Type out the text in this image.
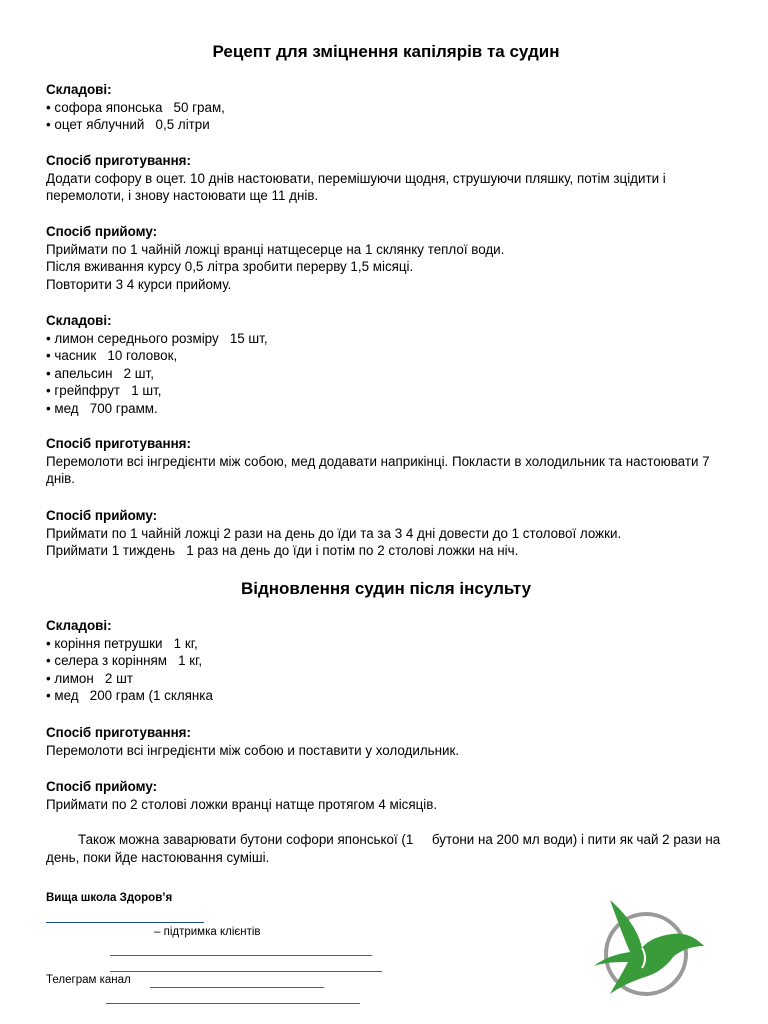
Рецепт для зміцнення капілярів та судин
Складові:
• софора японська   50 грам,
• оцет яблучний   0,5 літри
Спосіб приготування:
Додати софору в оцет. 10 днів настоювати, перемішуючи щодня, струшуючи пляшку, потім зцідити і перемолоти, і знову настоювати ще 11 днів.
Спосіб прийому:
Приймати по 1 чайній ложці вранці натщесерце на 1 склянку теплої води.
Після вживання курсу 0,5 літра зробити перерву 1,5 місяці.
Повторити 3 4 курси прийому.
Складові:
• лимон середнього розміру   15 шт,
• часник   10 головок,
• апельсин   2 шт,
• грейпфрут   1 шт,
• мед   700 грамм.
Спосіб приготування:
Перемолоти всі інгредієнти між собою, мед додавати наприкінці. Покласти в холодильник та настоювати 7 днів.
Спосіб прийому:
Приймати по 1 чайній ложці 2 рази на день до їди та за 3 4 дні довести до 1 столової ложки.
Приймати 1 тиждень   1 раз на день до їди і потім по 2 столові ложки на ніч.
Відновлення судин після інсульту
Складові:
• коріння петрушки   1 кг,
• селера з корінням   1 кг,
• лимон   2 шт
• мед   200 грам (1 склянка
Спосіб приготування:
Перемолоти всі інгредієнти між собою и поставити у холодильник.
Спосіб прийому:
Приймати по 2 столові ложки вранці натще протягом 4 місяців.
Також можна заварювати бутони софори японської (1     бутони на 200 мл води) і пити як чай 2 рази на день, поки йде настоювання суміші.
Вища школа Здоров’я
– підтримка клієнтів
Телеграм канал
